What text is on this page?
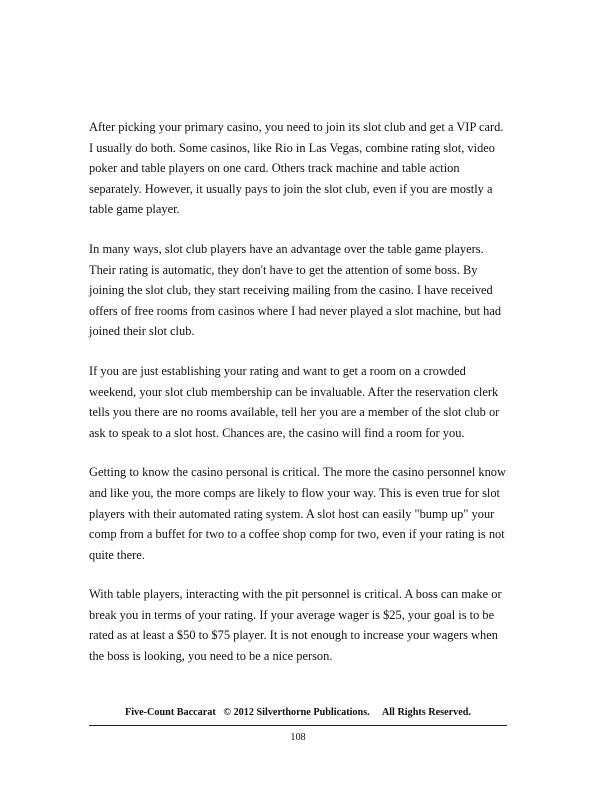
After picking your primary casino, you need to join its slot club and get a VIP card. I usually do both. Some casinos, like Rio in Las Vegas, combine rating slot, video poker and table players on one card. Others track machine and table action separately. However, it usually pays to join the slot club, even if you are mostly a table game player.

In many ways, slot club players have an advantage over the table game players. Their rating is automatic, they don't have to get the attention of some boss. By joining the slot club, they start receiving mailing from the casino. I have received offers of free rooms from casinos where I had never played a slot machine, but had joined their slot club.

If you are just establishing your rating and want to get a room on a crowded weekend, your slot club membership can be invaluable. After the reservation clerk tells you there are no rooms available, tell her you are a member of the slot club or ask to speak to a slot host. Chances are, the casino will find a room for you.

Getting to know the casino personal is critical. The more the casino personnel know and like you, the more comps are likely to flow your way. This is even true for slot players with their automated rating system. A slot host can easily "bump up" your comp from a buffet for two to a coffee shop comp for two, even if your rating is not quite there.

With table players, interacting with the pit personnel is critical. A boss can make or break you in terms of your rating. If your average wager is $25, your goal is to be rated as at least a $50 to $75 player. It is not enough to increase your wagers when the boss is looking, you need to be a nice person.

Five-Count Baccarat   © 2012 Silverthorne Publications.     All Rights Reserved.
108
